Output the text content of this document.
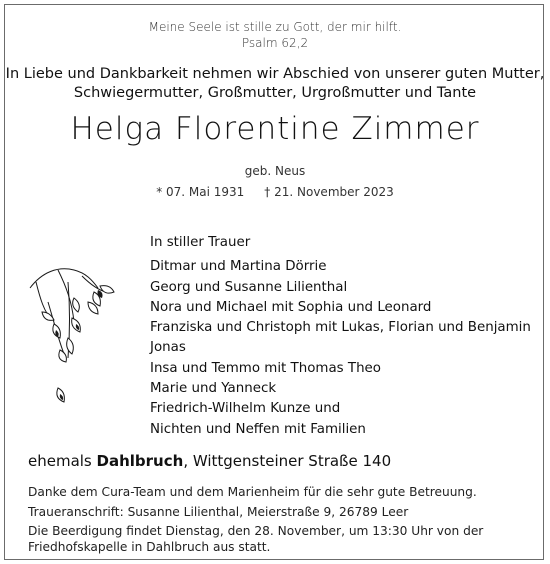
Meine Seele ist stille zu Gott, der mir hilft.
Psalm 62,2
In Liebe und Dankbarkeit nehmen wir Abschied von unserer guten Mutter,
Schwiegermutter, Großmutter, Urgroßmutter und Tante
Helga Florentine Zimmer
geb. Neus
* 07. Mai 1931 † 21. November 2023
In stiller Trauer
Ditmar und Martina Dörrie
Georg und Susanne Lilienthal
Nora und Michael mit Sophia und Leonard
Franziska und Christoph mit Lukas, Florian und Benjamin
Jonas
Insa und Temmo mit Thomas Theo
Marie und Yanneck
Friedrich-Wilhelm Kunze und
Nichten und Neffen mit Familien
ehemals Dahlbruch, Wittgensteiner Straße 140
Danke dem Cura-Team und dem Marienheim für die sehr gute Betreuung.
Traueranschrift: Susanne Lilienthal, Meierstraße 9, 26789 Leer
Die Beerdigung findet Dienstag, den 28. November, um 13:30 Uhr von der
Friedhofskapelle in Dahlbruch aus statt.
